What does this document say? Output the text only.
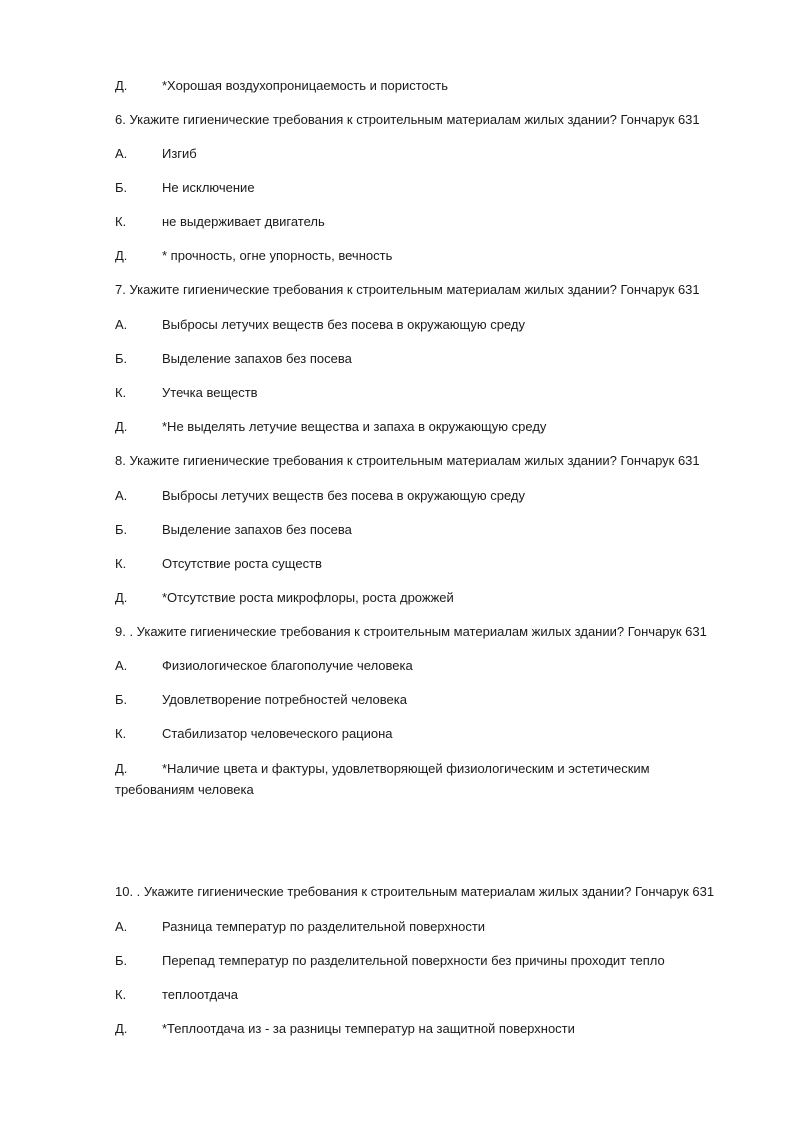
Д.	*Хорошая воздухопроницаемость и пористость
6. Укажите гигиенические требования к строительным материалам жилых здании? Гончарук 631
А.	Изгиб
Б.	Не исключение
К.	не выдерживает двигатель
Д.	* прочность, огне упорность, вечность
7. Укажите гигиенические требования к строительным материалам жилых здании? Гончарук 631
А.	Выбросы летучих веществ без посева в окружающую среду
Б.	Выделение запахов без посева
К.	Утечка веществ
Д.	*Не выделять летучие вещества и запаха в окружающую среду
8. Укажите гигиенические требования к строительным материалам жилых здании? Гончарук 631
А.	Выбросы летучих веществ без посева в окружающую среду
Б.	Выделение запахов без посева
К.	Отсутствие роста существ
Д.	*Отсутствие роста микрофлоры, роста дрожжей
9. . Укажите гигиенические требования к строительным материалам жилых здании? Гончарук 631
А.	Физиологическое благополучие человека
Б.	Удовлетворение потребностей человека
К.	Стабилизатор человеческого рациона
Д.	*Наличие цвета и фактуры, удовлетворяющей физиологическим и эстетическим
требованиям человека
10. . Укажите гигиенические требования к строительным материалам жилых здании? Гончарук 631
А.	Разница температур по разделительной поверхности
Б.	Перепад температур по разделительной поверхности без причины проходит тепло
К.	теплоотдача
Д.	*Теплоотдача из - за разницы температур на защитной поверхности
